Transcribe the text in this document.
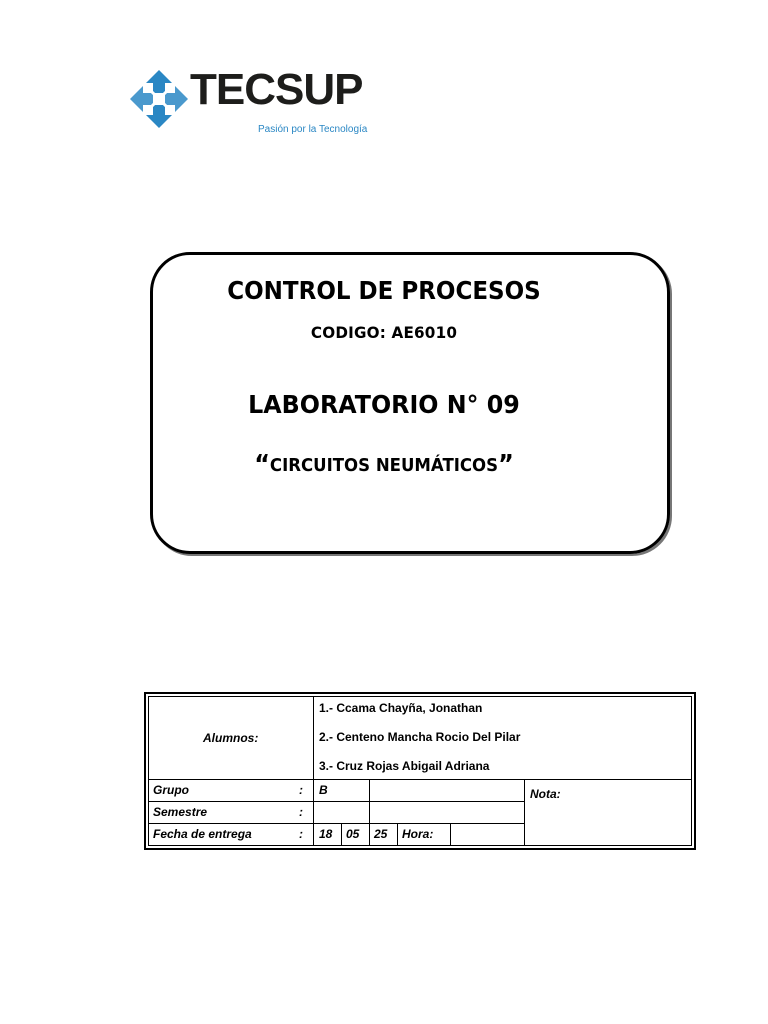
TECSUP
Pasión por la Tecnología
CONTROL DE PROCESOS
CODIGO: AE6010
LABORATORIO N° 09
“CIRCUITOS NEUMÁTICOS”
Alumnos:
1.- Ccama Chayña, Jonathan
2.- Centeno Mancha Rocio Del Pilar
3.- Cruz Rojas Abigail Adriana
Grupo	: B
Semestre	:
Fecha de entrega	: 18 05 25 Hora:
Nota:
